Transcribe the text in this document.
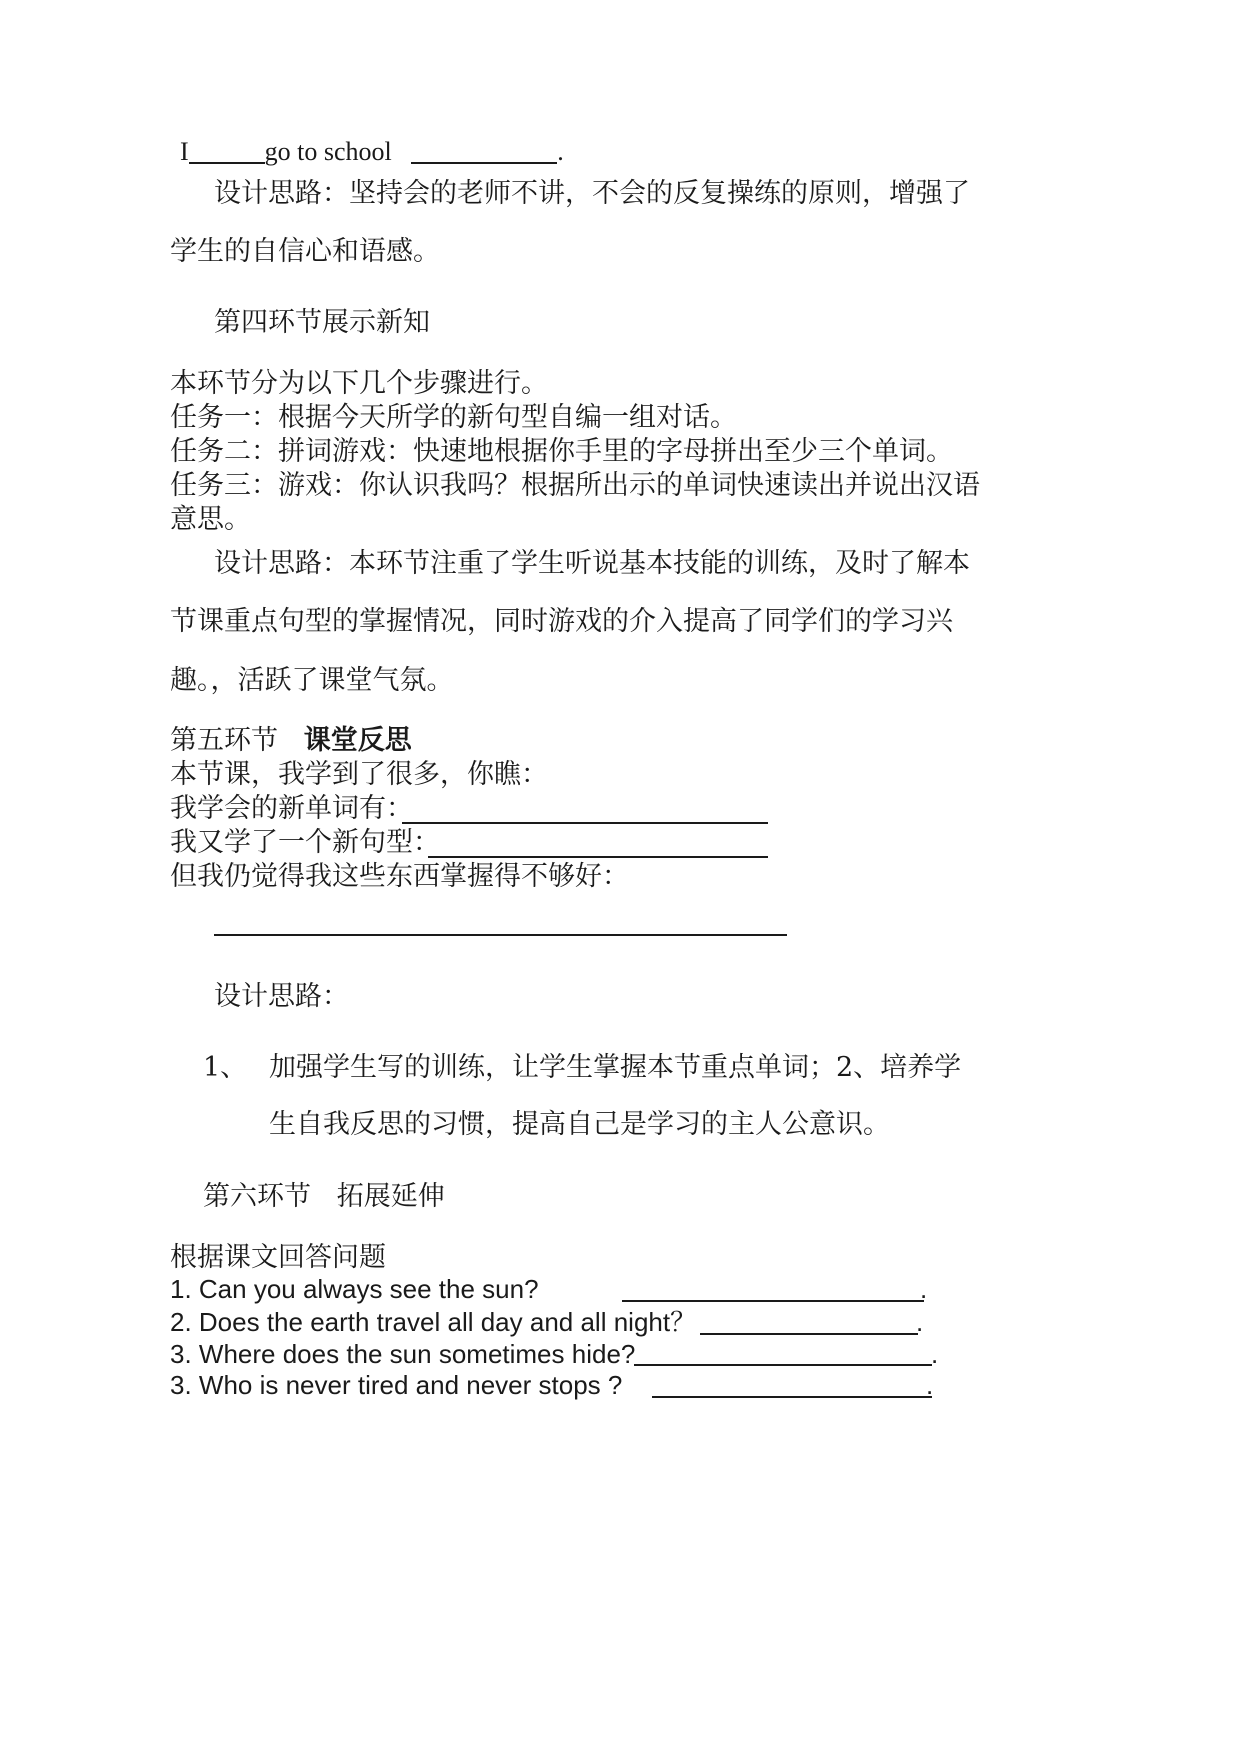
I	go to school	.
设计思路：坚持会的老师不讲，不会的反复操练的原则，增强了
学生的自信心和语感。
第四环节展示新知
本环节分为以下几个步骤进行。
任务一：根据今天所学的新句型自编一组对话。
任务二：拼词游戏：快速地根据你手里的字母拼出至少三个单词。
任务三：游戏：你认识我吗？根据所出示的单词快速读出并说出汉语
意思。
设计思路：本环节注重了学生听说基本技能的训练，及时了解本
节课重点句型的掌握情况，同时游戏的介入提高了同学们的学习兴
趣。，活跃了课堂气氛。
第五环节 课堂反思
本节课，我学到了很多，你瞧：
我学会的新单词有：
我又学了一个新句型：
但我仍觉得我这些东西掌握得不够好：
设计思路：
1、 加强学生写的训练，让学生掌握本节重点单词；2、培养学
生自我反思的习惯，提高自己是学习的主人公意识。
第六环节 拓展延伸
根据课文回答问题
1. Can you always see the sun?	.
2. Does the earth travel all day and all night？	.
3. Where does the sun sometimes hide?	.
3. Who is never tired and never stops ?	.
